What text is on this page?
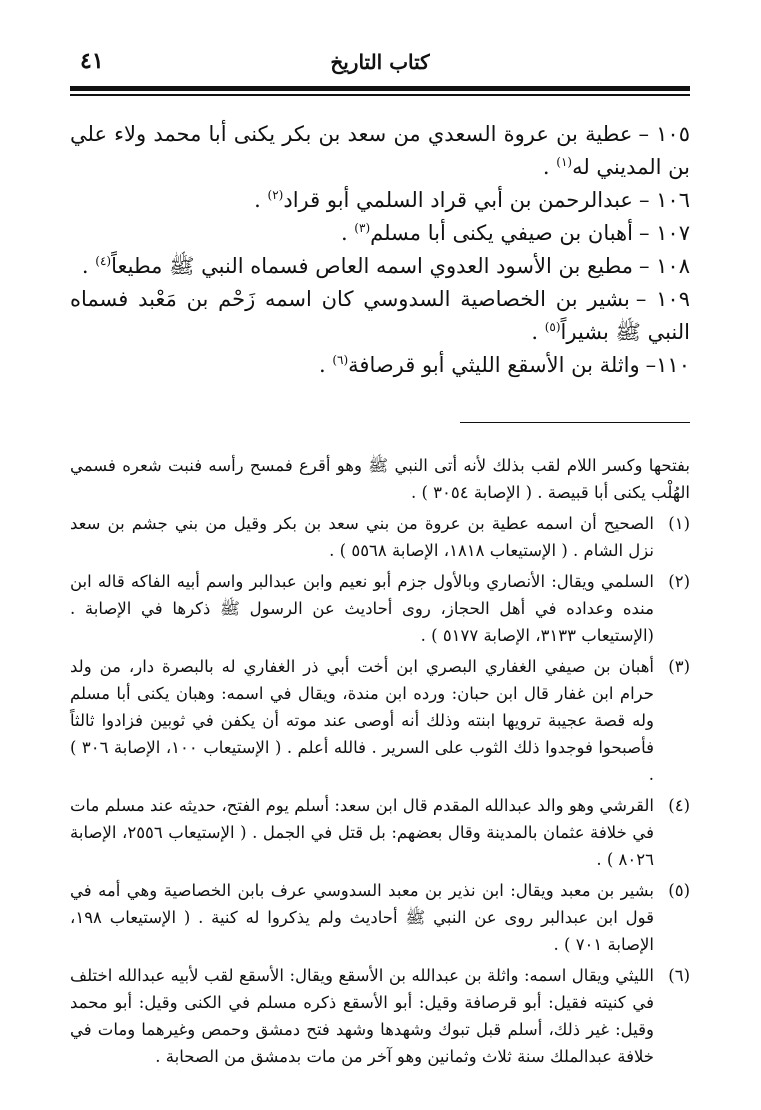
كتاب التاريخ
٤١
١٠٥ –عطية بن عروة السعدي من سعد بن بكر يكنى أبا محمد ولاء علي بن المديني له$^{(١)}$ .
١٠٦ –عبدالرحمن بن أبي قراد السلمي أبو قراد$^{(٢)}$ .
١٠٧ –أهبان بن صيفي يكنى أبا مسلم$^{(٣)}$ .
١٠٨ –مطيع بن الأسود العدوي اسمه العاص فسماه النبي ﷺ مطيعاً$^{(٤)}$ .
١٠٩ –بشير بن الخصاصية السدوسي كان اسمه زَحْم بن مَعْبد فسماه النبي ﷺ بشيراً$^{(٥)}$ .
١١٠–واثلة بن الأسقع الليثي أبو قرصافة$^{(٦)}$ .
بفتحها وكسر اللام لقب بذلك لأنه أتى النبي ﷺ وهو أقرع فمسح رأسه فنبت شعره فسمي الهُلْب يكنى أبا قبيصة . ( الإصابة ٣٠٥٤ ) .
(١)
الصحيح أن اسمه عطية بن عروة من بني سعد بن بكر وقيل من بني جشم بن سعد نزل الشام . ( الإستيعاب ١٨١٨، الإصابة ٥٥٦٨ ) .
(٢)
السلمي ويقال: الأنصاري وبالأول جزم أبو نعيم وابن عبدالبر واسم أبيه الفاكه قاله ابن منده وعداده في أهل الحجاز، روى أحاديث عن الرسول ﷺ ذكرها في الإصابة . (الإستيعاب ٣١٣٣، الإصابة ٥١٧٧ ) .
(٣)
أهبان بن صيفي الغفاري البصري ابن أخت أبي ذر الغفاري له بالبصرة دار، من ولد حرام ابن غفار قال ابن حبان: ورده ابن مندة، ويقال في اسمه: وهبان يكنى أبا مسلم وله قصة عجيبة ترويها ابنته وذلك أنه أوصى عند موته أن يكفن في ثوبين فزادوا ثالثاً فأصبحوا فوجدوا ذلك الثوب على السرير . فالله أعلم . ( الإستيعاب ١٠٠، الإصابة ٣٠٦ ) .
(٤)
القرشي وهو والد عبدالله المقدم قال ابن سعد: أسلم يوم الفتح، حديثه عند مسلم مات في خلافة عثمان بالمدينة وقال بعضهم: بل قتل في الجمل . ( الإستيعاب ٢٥٥٦، الإصابة ٨٠٢٦ ) .
(٥)
بشير بن معبد ويقال: ابن نذير بن معبد السدوسي عرف بابن الخصاصية وهي أمه في قول ابن عبدالبر روى عن النبي ﷺ أحاديث ولم يذكروا له كنية . ( الإستيعاب ١٩٨، الإصابة ٧٠١ ) .
(٦)
الليثي ويقال اسمه: واثلة بن عبدالله بن الأسقع ويقال: الأسقع لقب لأبيه عبدالله اختلف في كنيته فقيل: أبو قرصافة وقيل: أبو الأسقع ذكره مسلم في الكنى وقيل: أبو محمد وقيل: غير ذلك، أسلم قبل تبوك وشهدها وشهد فتح دمشق وحمص وغيرهما ومات في خلافة عبدالملك سنة ثلاث وثمانين وهو آخر من مات بدمشق من الصحابة .
